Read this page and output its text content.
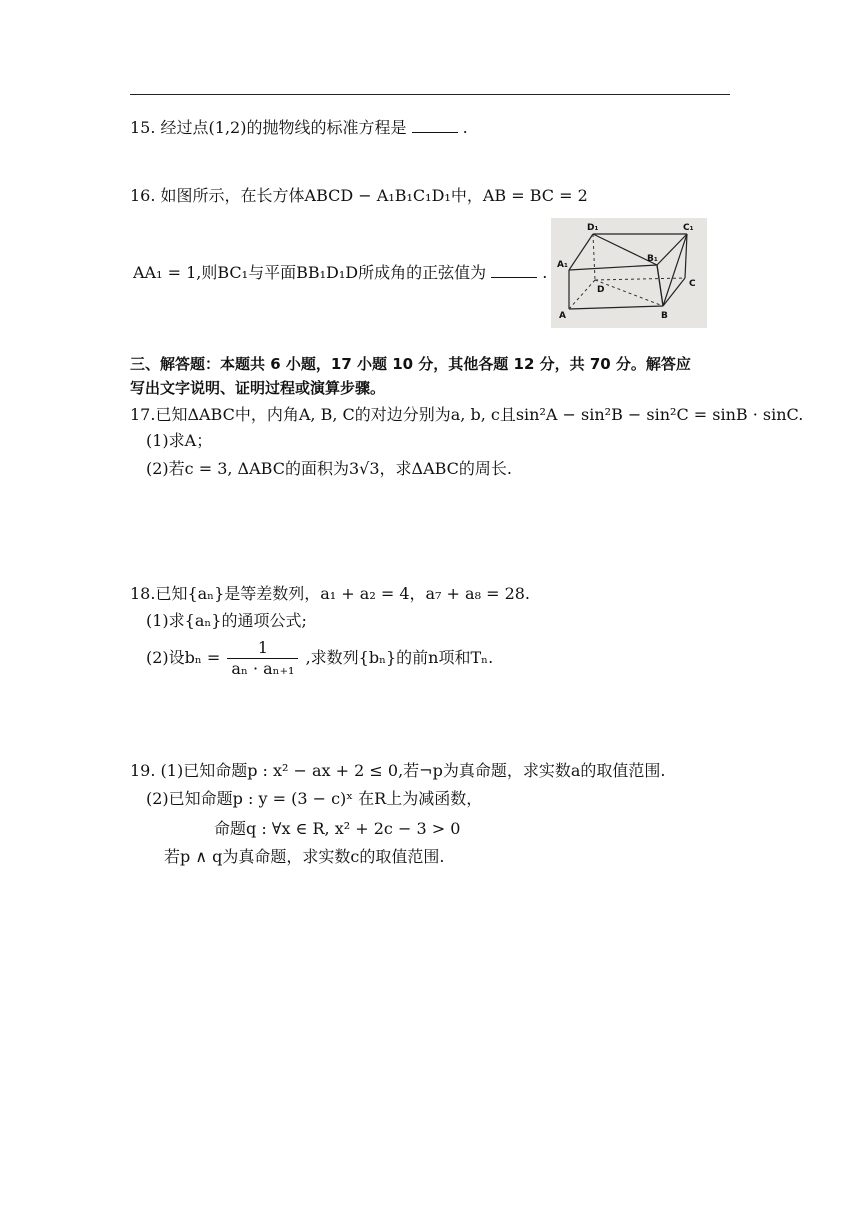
15. 经过点(1,2)的抛物线的标准方程是	.
16. 如图所示，在长方体ABCD − A₁B₁C₁D₁中，AB = BC = 2
AA₁ = 1,则BC₁与平面BB₁D₁D所成角的正弦值为	.
D₁	C₁
A₁
B₁
D
C
A	B
三、解答题：本题共 6 小题，17 小题 10 分，其他各题 12 分，共 70 分。解答应
写出文字说明、证明过程或演算步骤。
17.已知ΔABC中，内角A, B, C的对边分别为a, b, c且sin²A − sin²B − sin²C = sinB · sinC.
(1)求A；
(2)若c = 3, ΔABC的面积为3√3，求ΔABC的周长.
18.已知{aₙ}是等差数列，a₁ + a₂ = 4，a₇ + a₈ = 28.
(1)求{aₙ}的通项公式;
(2)设$b_n = \frac{1}{\text{aₙ · aₙ₊₁}}$ ,求数列{bₙ}的前n项和Tₙ.
19. (1)已知命题p : x² − ax + 2 ≤ 0,若¬p为真命题，求实数a的取值范围.
(2)已知命题p : y = (3 − c)ˣ 在R上为减函数，
命题q : ∀x ∈ R, x² + 2c − 3 > 0
若p ∧ q为真命题，求实数c的取值范围.
